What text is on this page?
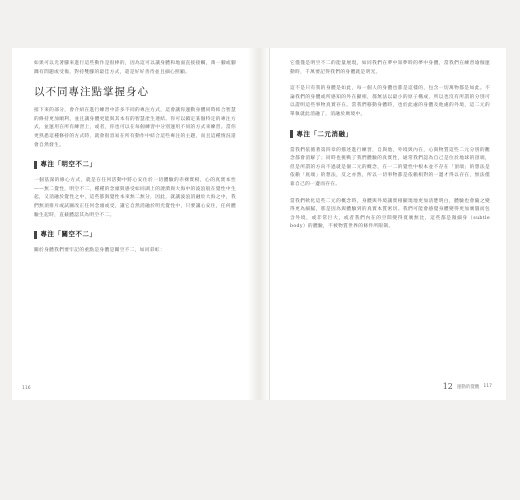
如果可以光著腳來進行這些動作是很棒的，因為這可以讓身體和地面直接接觸，萬一腳或腳踝有問題或受傷，對持雙腳的最佳方式，還是好好善待並且細心照顧。

以不同專注點掌握身心

接下來的部分，會介紹在進行練習中許多不同的專注方式，這會讓你運動身體同時結合智慧的修持更加順利，並且讓身體更能與其本有的智慧產生連結。你可以鎖定某個特定的專注方式，並運用在所有練習上，或者，你也可以在每個練習中分別運用不同的方式來練習。當你更熟悉這種修持的方式時，就會很容易在所有動作中結合這些專注的主題，而且這種情況還會自然發生。

專注「明空不二」

一個基深的修心方式，就是在任何活動中將心安住於一切體驗的赤裸實相，心的真實本性——無二覺性，明空不二，種種的念頭與感受如同湖上的漣漪與大海中的波浪般在覺性中生起，又消融於覺性之中，這些都與覺性本來無二無分，因此，就讓波浪消融於大海之中，我們無須排斥或試圖改正任何念頭或受，讓它自然消融於明光覺性中，只要讓心安住，任何體驗生起時，直截體認其為明空不二。

專注「關空不二」

關於身體我們要牢記的重點是身體是關空不二，如同彩虹：

116

它僅僅是明空不二的能量展現，如同我們在夢中知夢時的夢中身體，當我們在練習瑜伽運動時，千萬要記得我們的身體就是明光。

這不是只有我的身體是如此，每一個人的身體也都是這樣的，包含一切萬物都是如此。不論我們的身體或所感知的外在顯相，都無法以最小的原子構成，所以也沒有所謂的分別可以證明這些事物真實存在。當我們移動身體時，也於此處的身體及他處的外境，這二元的單執就此消融了，消融於廣境中。

專注「二元消融」

當我們依循著第四章的描述進行練習，自與他，外境與內在，心與物質這些二元分別的觀念都會消解了；同時也挑戰了我們體驗的真實性，通常我們認為自己是位於地球的頂端，但是所謂的方向不過就是個二元的概念，在一二的覺性中根本並不存在「頂端」的想法是依賴「底端」的想法，反之亦然，所以一切事物都是依賴相對的一邊才得以存在，無法僅靠自己的一邊而存在。

當我們軟化這些二元的概念時，身體與外境讓實相顯現地更加清楚明白，體驗也會隨之變得更為細膩，那是因為與體驗到的真實本質密切。我們可能會感覺身體變得更加廣闊而包含外境，或非常巨大，或者我們內在的空間變得寬廣無比，這些都是微細身（subtle body）的體驗，不被物質世界的條件所限制。

12 運動的覺觀 117
